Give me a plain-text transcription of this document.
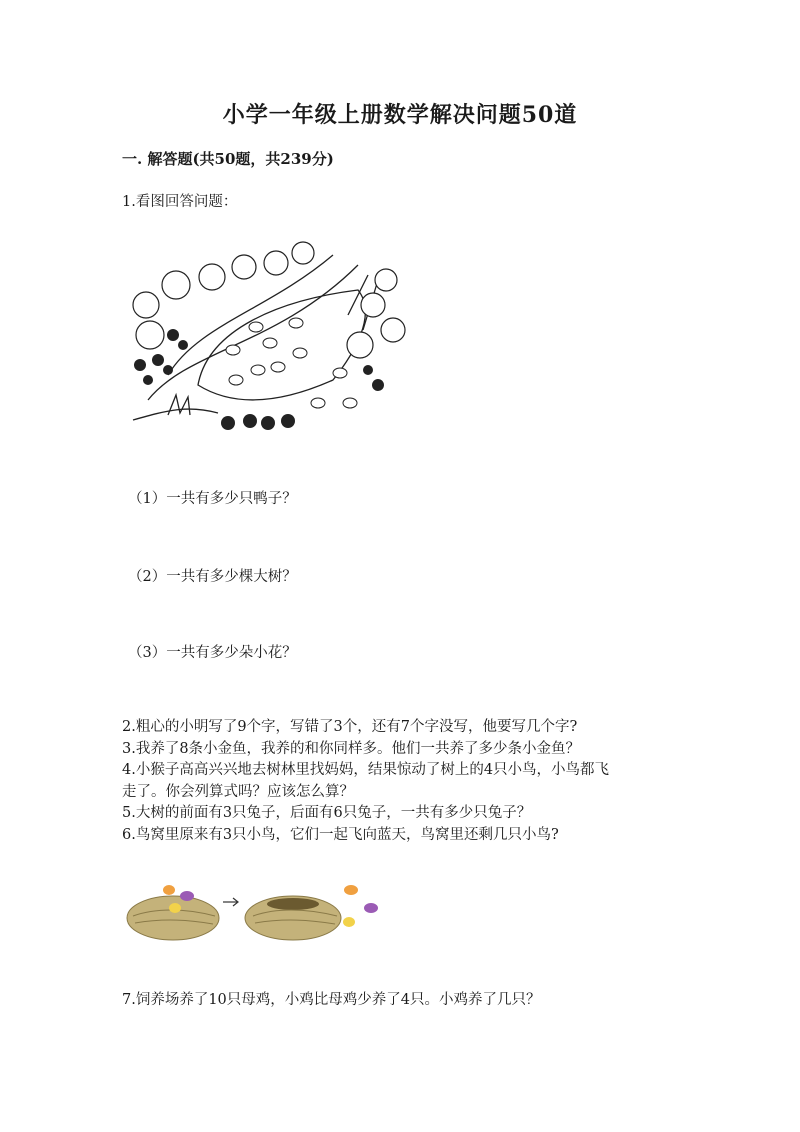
小学一年级上册数学解决问题50道
一. 解答题(共50题，共239分)
1.看图回答问题：
（1）一共有多少只鸭子？
（2）一共有多少棵大树？
（3）一共有多少朵小花？
2.粗心的小明写了9个字，写错了3个，还有7个字没写，他要写几个字?
3.我养了8条小金鱼，我养的和你同样多。他们一共养了多少条小金鱼？
4.小猴子高高兴兴地去树林里找妈妈，结果惊动了树上的4只小鸟，小鸟都飞
走了。你会列算式吗？应该怎么算？
5.大树的前面有3只兔子，后面有6只兔子，一共有多少只兔子？
6.鸟窝里原来有3只小鸟，它们一起飞向蓝天，鸟窝里还剩几只小鸟?
7.饲养场养了10只母鸡，小鸡比母鸡少养了4只。小鸡养了几只？
